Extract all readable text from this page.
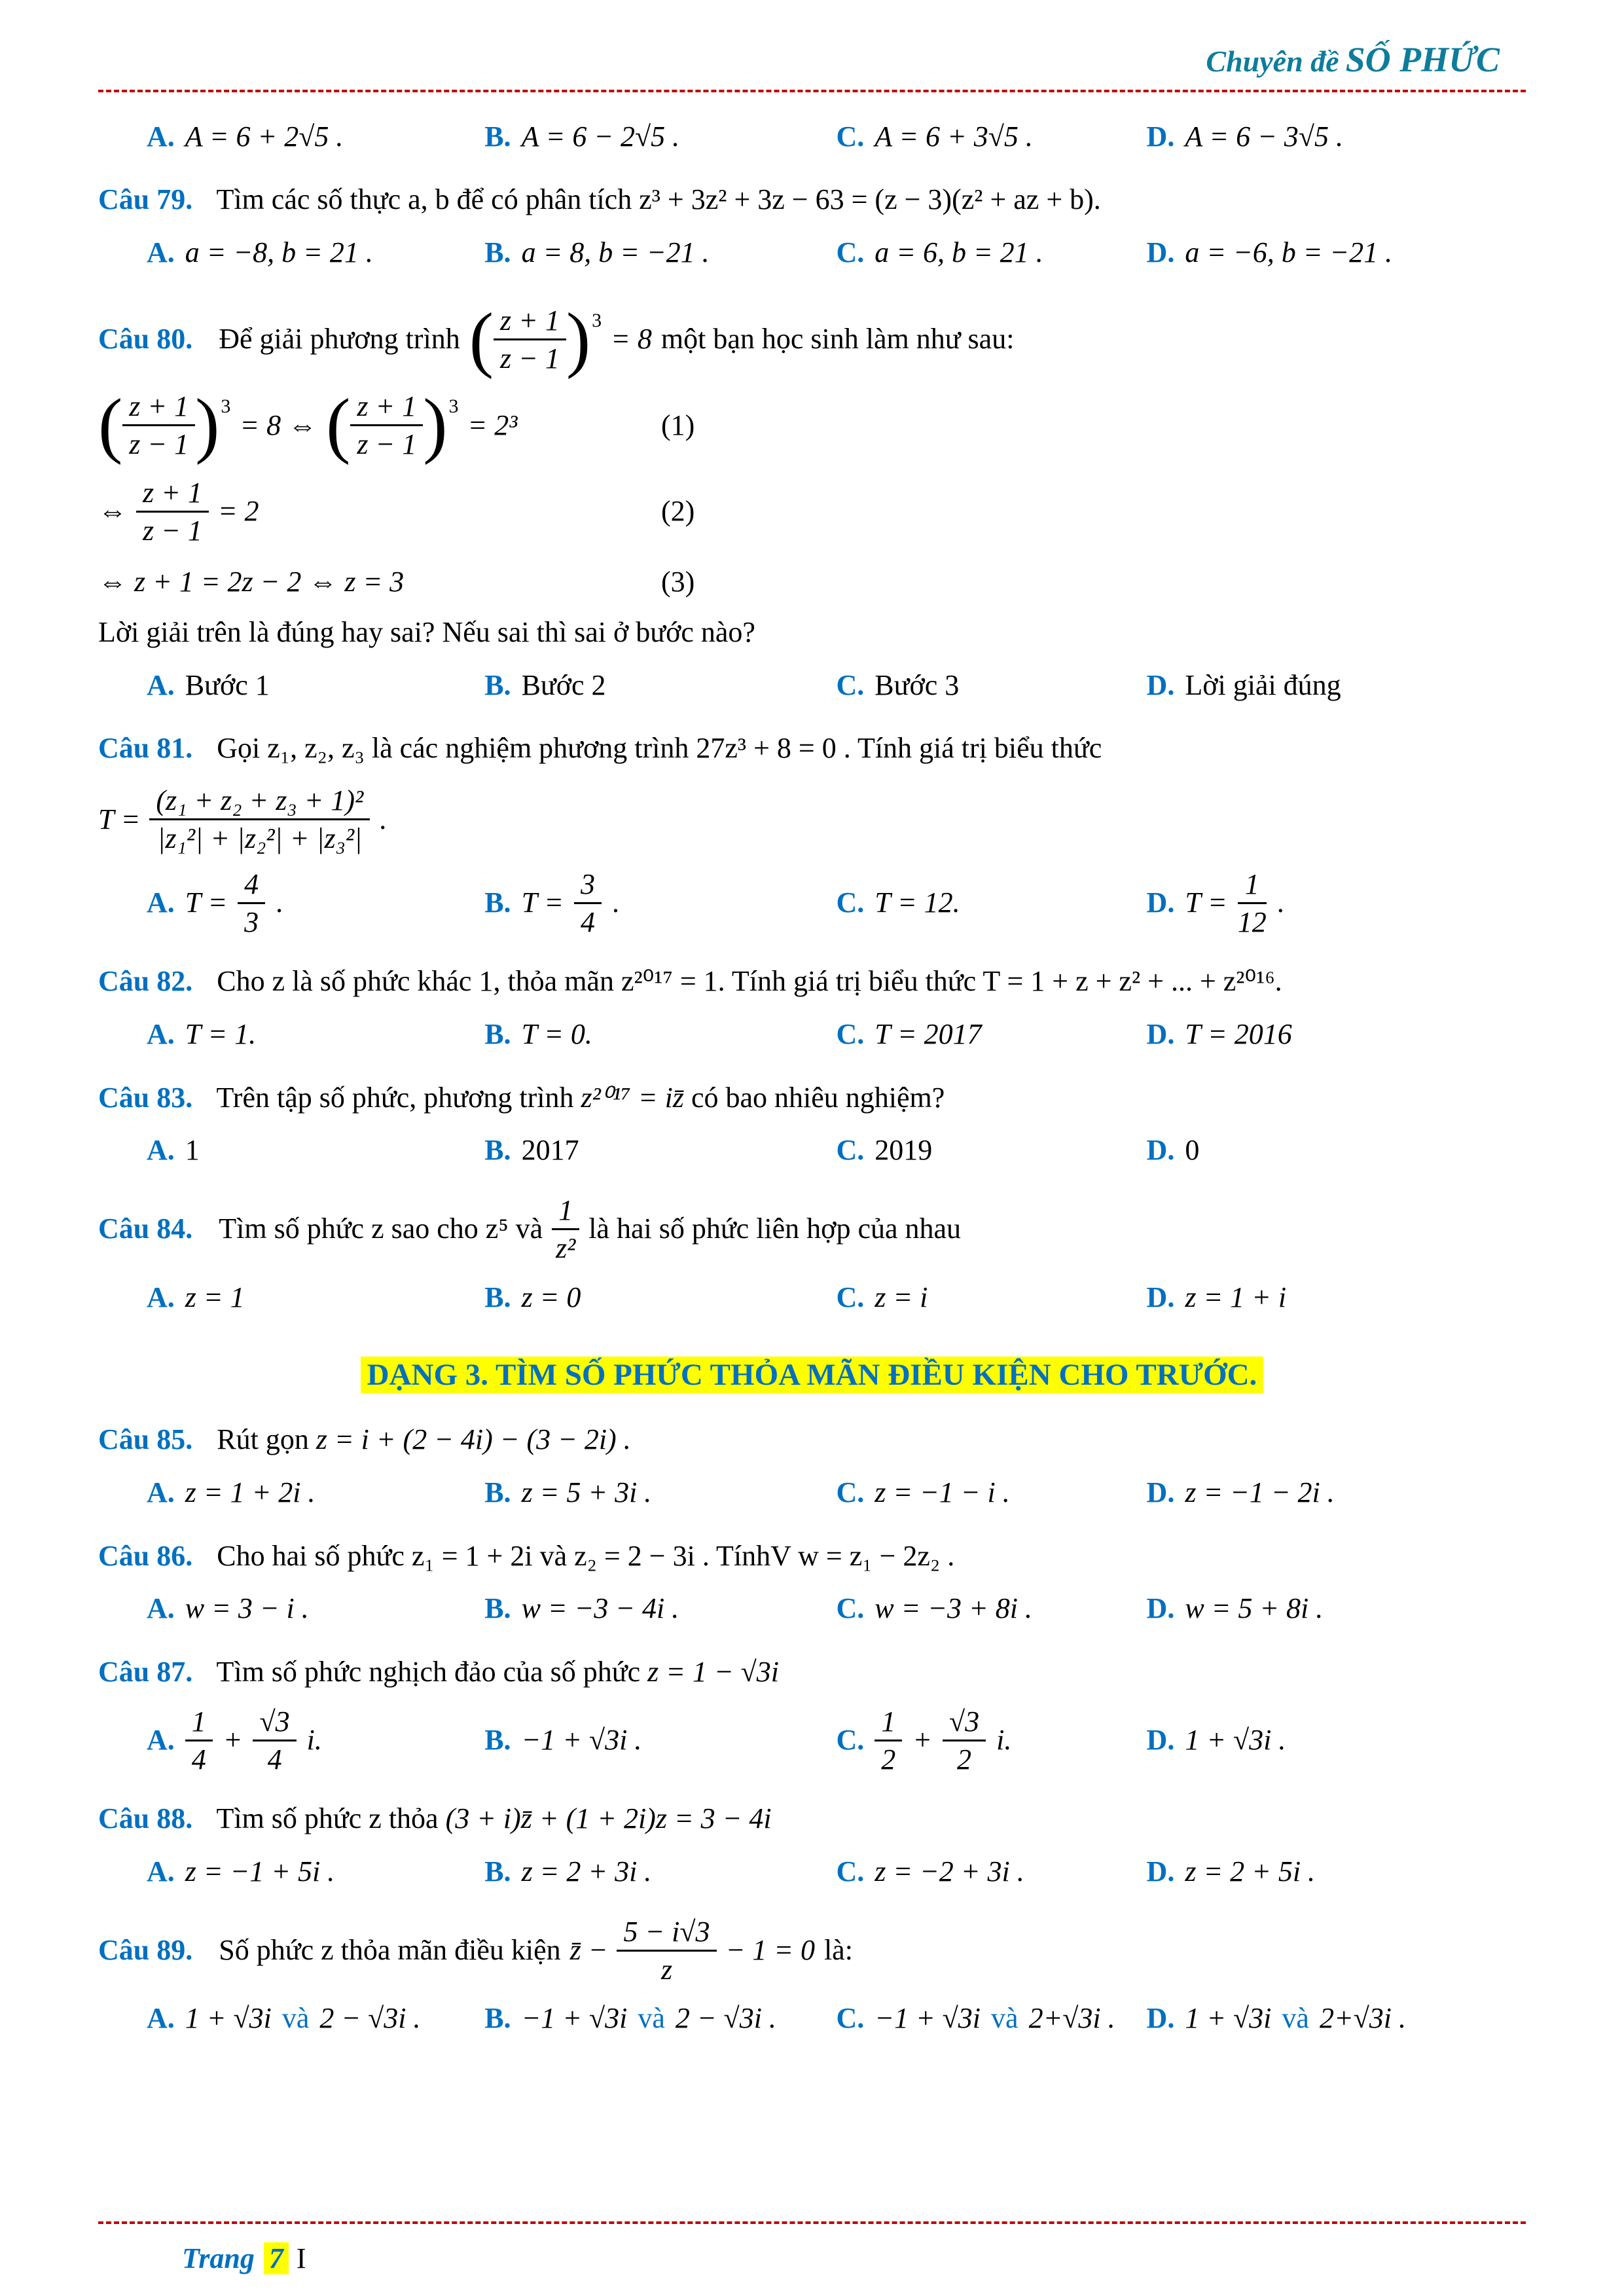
Chuyên đề SỐ PHỨC
A. A = 6 + 2√5 .	B. A = 6 − 2√5 .	C. A = 6 + 3√5 .	D. A = 6 − 3√5 .

Câu 79. Tìm các số thực a, b để có phân tích z³ + 3z² + 3z − 63 = (z − 3)(z² + az + b).

A. a = −8, b = 21 .	B. a = 8, b = −21 .	C. a = 6, b = 21 .	D. a = −6, b = −21 .
Câu 80. Để giải phương trình ( $\frac{z + 1}{z - 1}$ ) 3
= 8 một bạn học sinh làm như sau:
( $\frac{z + 1}{z - 1}$ ) 3
= 8 ⇔ ( $\frac{z + 1}{z - 1}$ ) 3
= 2³	(1)
⇔ $\frac{z + 1}{z - 1} = 2$	(2)
⇔ z + 1 = 2z − 2 ⇔ z = 3	(3)

Lời giải trên là đúng hay sai? Nếu sai thì sai ở bước nào?

A. Bước 1	B. Bước 2	C. Bước 3	D. Lời giải đúng

Câu 81. Gọi z₁, z₂, z₃ là các nghiệm phương trình 27z³ + 8 = 0 . Tính giá trị biểu thức

$T = \frac{\text{(z₁ + z₂ + z₃ + 1)²}}{\text{|z₁²| + |z₂²| + |z₃²|}}$ .
A. $T = \frac{4}{3}$ .	B. $T = \frac{3}{4}$ .	C. T = 12.	D. $T = \frac{1}{12}$ .

Câu 82. Cho z là số phức khác 1, thỏa mãn z²⁰¹⁷ = 1. Tính giá trị biểu thức T = 1 + z + z² + ... + z²⁰¹⁶.

A. T = 1.	B. T = 0.	C. T = 2017	D. T = 2016

Câu 83. Trên tập số phức, phương trình z²⁰¹⁷ = iz̄ có bao nhiêu nghiệm?

A. 1	B. 2017	C. 2019	D. 0
Câu 84. Tìm số phức z sao cho z⁵ và $\frac{1}{\text{z²}}$ là hai số phức liên hợp của nhau
A. z = 1	B. z = 0	C. z = i	D. z = 1 + i
DẠNG 3. TÌM SỐ PHỨC THỎA MÃN ĐIỀU KIỆN CHO TRƯỚC.

Câu 85. Rút gọn z = i + (2 − 4i) − (3 − 2i) .

A. z = 1 + 2i .	B. z = 5 + 3i .	C. z = −1 − i .	D. z = −1 − 2i .

Câu 86. Cho hai số phức z₁ = 1 + 2i và z₂ = 2 − 3i . TínhV w = z₁ − 2z₂ .

A. w = 3 − i .	B. w = −3 − 4i .	C. w = −3 + 8i .	D. w = 5 + 8i .

Câu 87. Tìm số phức nghịch đảo của số phức z = 1 − √3i

A. $\frac{1}{4} + \frac{√3}{4} i$.	B. −1 + √3i .	C. $\frac{1}{2} + \frac{√3}{2} i$.	D. 1 + √3i .

Câu 88. Tìm số phức z thỏa (3 + i)z̄ + (1 + 2i)z = 3 − 4i

A. z = −1 + 5i .	B. z = 2 + 3i .	C. z = −2 + 3i .	D. z = 2 + 5i .
Câu 89. Số phức z thỏa mãn điều kiện z̄ − $\frac{5 - i√3}{z} - 1 = 0$ là:
A. 1 + √3i và 2 − √3i . B. −1 + √3i và 2 − √3i . C. −1 + √3i và 2+√3i . D. 1 + √3i và 2+√3i .
Trang 7 I
